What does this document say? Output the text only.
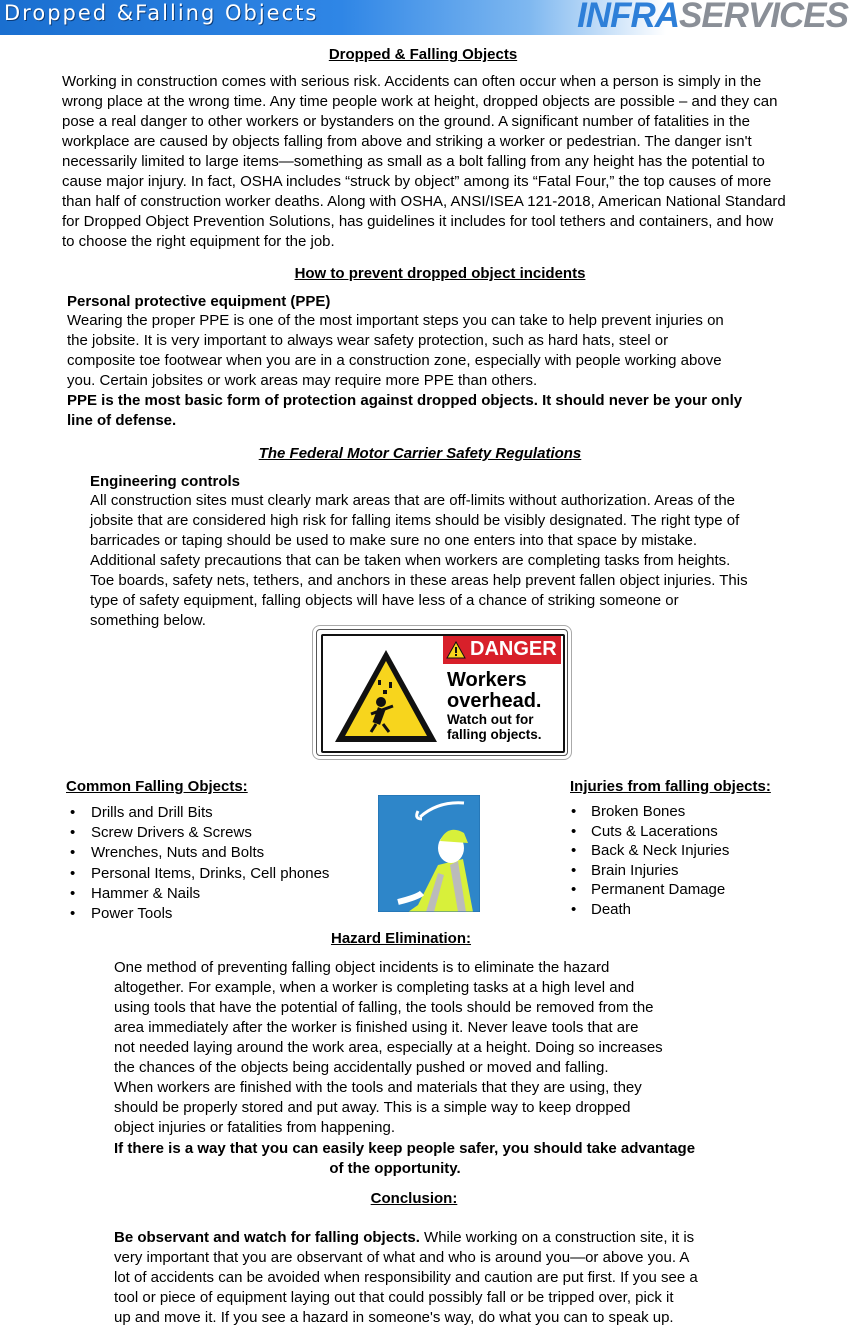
Dropped &Falling Objects	INFRASERVICES
Dropped & Falling Objects
Working in construction comes with serious risk. Accidents can often occur when a person is simply in the
wrong place at the wrong time. Any time people work at height, dropped objects are possible – and they can
pose a real danger to other workers or bystanders on the ground. A significant number of fatalities in the
workplace are caused by objects falling from above and striking a worker or pedestrian. The danger isn't
necessarily limited to large items—something as small as a bolt falling from any height has the potential to
cause major injury. In fact, OSHA includes “struck by object” among its “Fatal Four,” the top causes of more
than half of construction worker deaths. Along with OSHA, ANSI/ISEA 121-2018, American National Standard
for Dropped Object Prevention Solutions, has guidelines it includes for tool tethers and containers, and how
to choose the right equipment for the job.
How to prevent dropped object incidents
Personal protective equipment (PPE)
Wearing the proper PPE is one of the most important steps you can take to help prevent injuries on
the jobsite. It is very important to always wear safety protection, such as hard hats, steel or
composite toe footwear when you are in a construction zone, especially with people working above
you. Certain jobsites or work areas may require more PPE than others.
PPE is the most basic form of protection against dropped objects. It should never be your only
line of defense.
The Federal Motor Carrier Safety Regulations
Engineering controls
All construction sites must clearly mark areas that are off-limits without authorization. Areas of the
jobsite that are considered high risk for falling items should be visibly designated. The right type of
barricades or taping should be used to make sure no one enters into that space by mistake.
Additional safety precautions that can be taken when workers are completing tasks from heights.
Toe boards, safety nets, tethers, and anchors in these areas help prevent fallen object injuries. This
type of safety equipment, falling objects will have less of a chance of striking someone or
something below.
DANGER
Workers
overhead.
Watch out for
falling objects.
Common Falling Objects:
• Drills and Drill Bits
• Screw Drivers & Screws
• Wrenches, Nuts and Bolts
• Personal Items, Drinks, Cell phones
• Hammer & Nails
• Power Tools
Injuries from falling objects:
• Broken Bones
• Cuts & Lacerations
• Back & Neck Injuries
• Brain Injuries
• Permanent Damage
• Death
Hazard Elimination:
One method of preventing falling object incidents is to eliminate the hazard
altogether. For example, when a worker is completing tasks at a high level and
using tools that have the potential of falling, the tools should be removed from the
area immediately after the worker is finished using it. Never leave tools that are
not needed laying around the work area, especially at a height. Doing so increases
the chances of the objects being accidentally pushed or moved and falling.
When workers are finished with the tools and materials that they are using, they
should be properly stored and put away. This is a simple way to keep dropped
object injuries or fatalities from happening.
If there is a way that you can easily keep people safer, you should take advantage
of the opportunity.
Conclusion:
Be observant and watch for falling objects. While working on a construction site, it is
very important that you are observant of what and who is around you—or above you. A
lot of accidents can be avoided when responsibility and caution are put first. If you see a
tool or piece of equipment laying out that could possibly fall or be tripped over, pick it
up and move it. If you see a hazard in someone's way, do what you can to speak up.
